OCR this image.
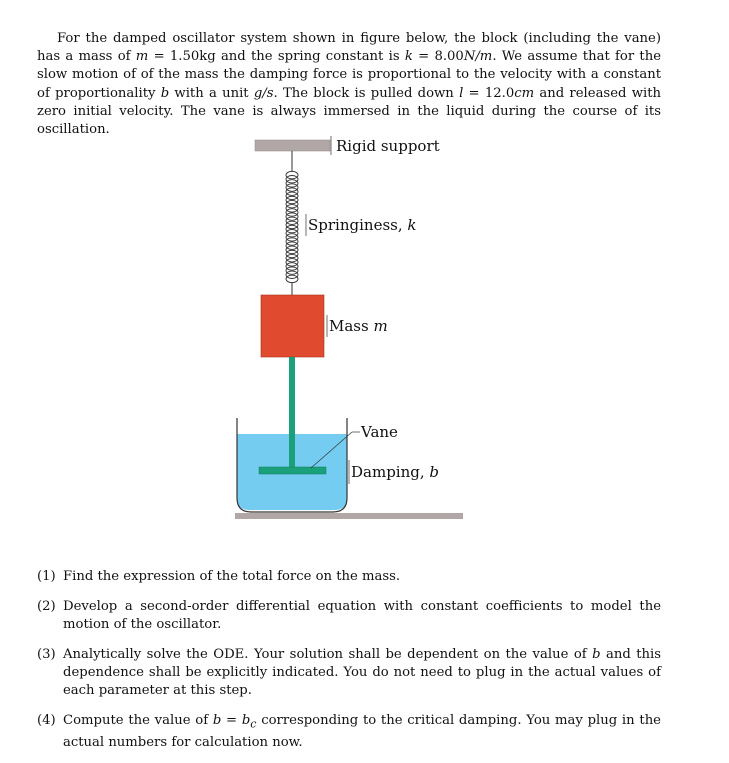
For the damped oscillator system shown in figure below, the block (including the vane) has a mass of m = 1.50kg and the spring constant is k = 8.00N/m. We assume that for the slow motion of of the mass the damping force is proportional to the velocity with a constant of proportionality b with a unit g/s. The block is pulled down l = 12.0cm and released with zero initial velocity. The vane is always immersed in the liquid during the course of its oscillation.

Rigid support
Springiness, k
Mass m
Vane
Damping, b
(1) Find the expression of the total force on the mass.
(2) Develop a second-order differential equation with constant coefficients to model the motion of the oscillator.
(3) Analytically solve the ODE. Your solution shall be dependent on the value of b and this dependence shall be explicitly indicated. You do not need to plug in the actual values of each parameter at this step.
(4) Compute the value of $b = b_c$ corresponding to the critical damping. You may plug in the actual numbers for calculation now.
